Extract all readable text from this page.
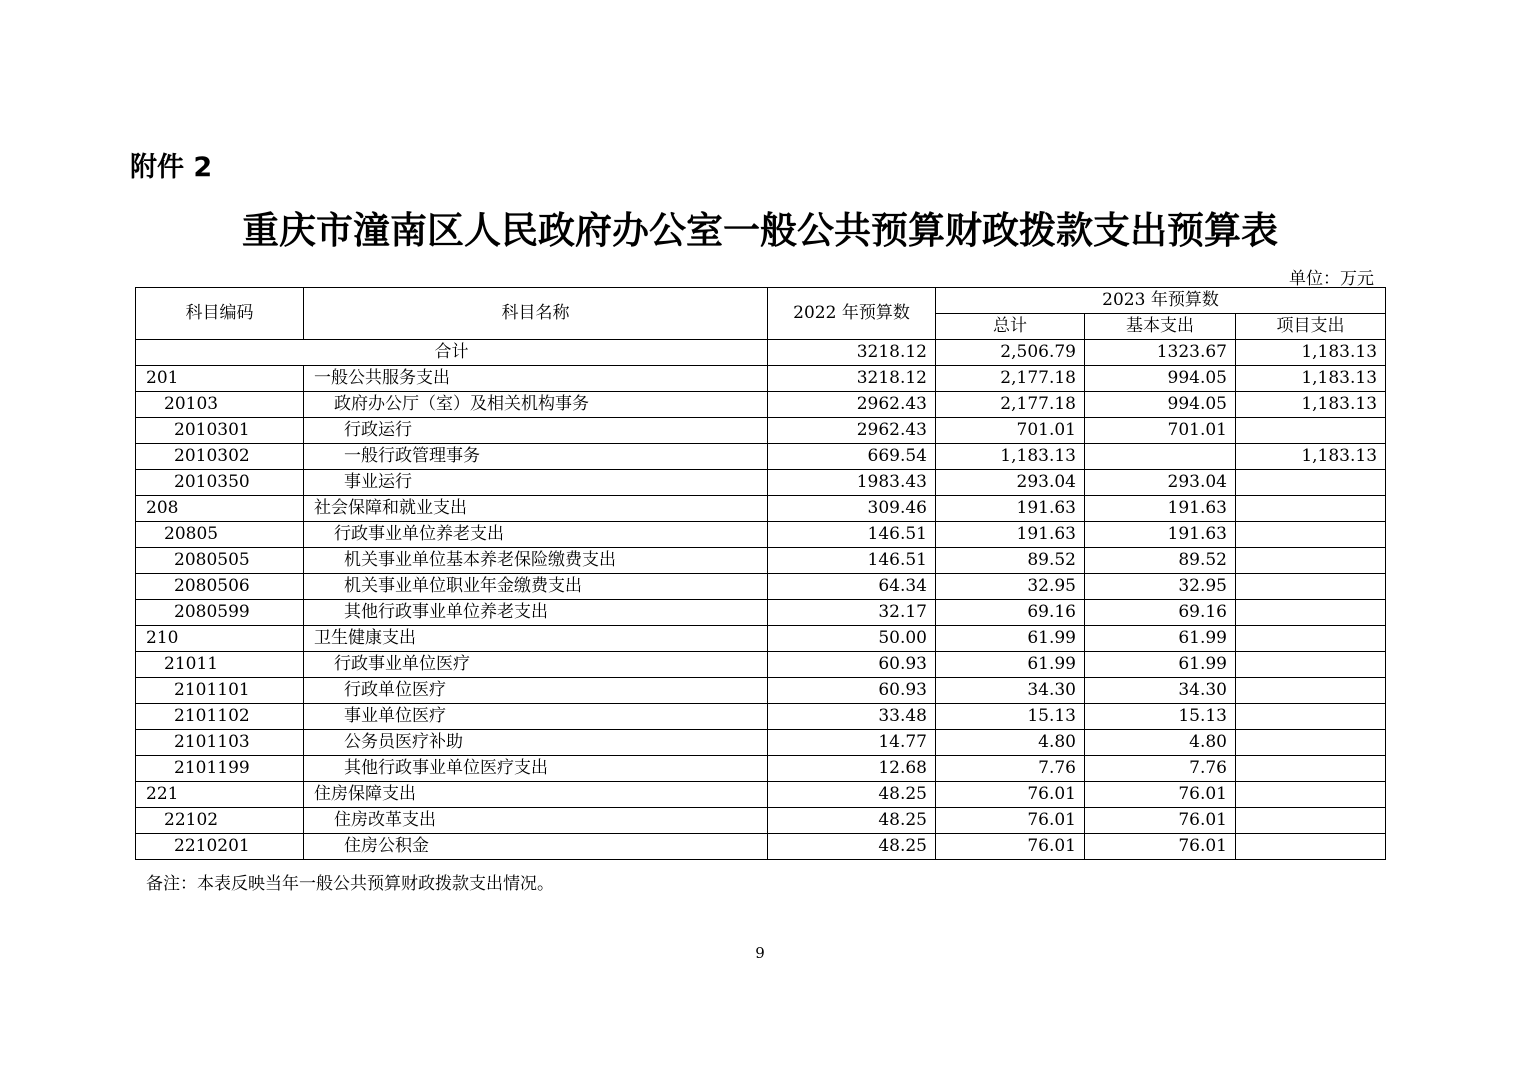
附件 2
重庆市潼南区人民政府办公室一般公共预算财政拨款支出预算表
单位：万元
科目编码	科目名称	2022 年预算数	2023 年预算数		
			总计	基本支出	项目支出
合计		3218.12	2,506.79	1323.67	1,183.13
201	一般公共服务支出	3218.12	2,177.18	994.05	1,183.13
20103	政府办公厅（室）及相关机构事务	2962.43	2,177.18	994.05	1,183.13
2010301	行政运行	2962.43	701.01	701.01	
2010302	一般行政管理事务	669.54	1,183.13		1,183.13
2010350	事业运行	1983.43	293.04	293.04	
208	社会保障和就业支出	309.46	191.63	191.63	
20805	行政事业单位养老支出	146.51	191.63	191.63	
2080505	机关事业单位基本养老保险缴费支出	146.51	89.52	89.52	
2080506	机关事业单位职业年金缴费支出	64.34	32.95	32.95	
2080599	其他行政事业单位养老支出	32.17	69.16	69.16	
210	卫生健康支出	50.00	61.99	61.99	
21011	行政事业单位医疗	60.93	61.99	61.99	
2101101	行政单位医疗	60.93	34.30	34.30	
2101102	事业单位医疗	33.48	15.13	15.13	
2101103	公务员医疗补助	14.77	4.80	4.80	
2101199	其他行政事业单位医疗支出	12.68	7.76	7.76	
221	住房保障支出	48.25	76.01	76.01	
22102	住房改革支出	48.25	76.01	76.01	
2210201	住房公积金	48.25	76.01	76.01	
备注：本表反映当年一般公共预算财政拨款支出情况。
9
